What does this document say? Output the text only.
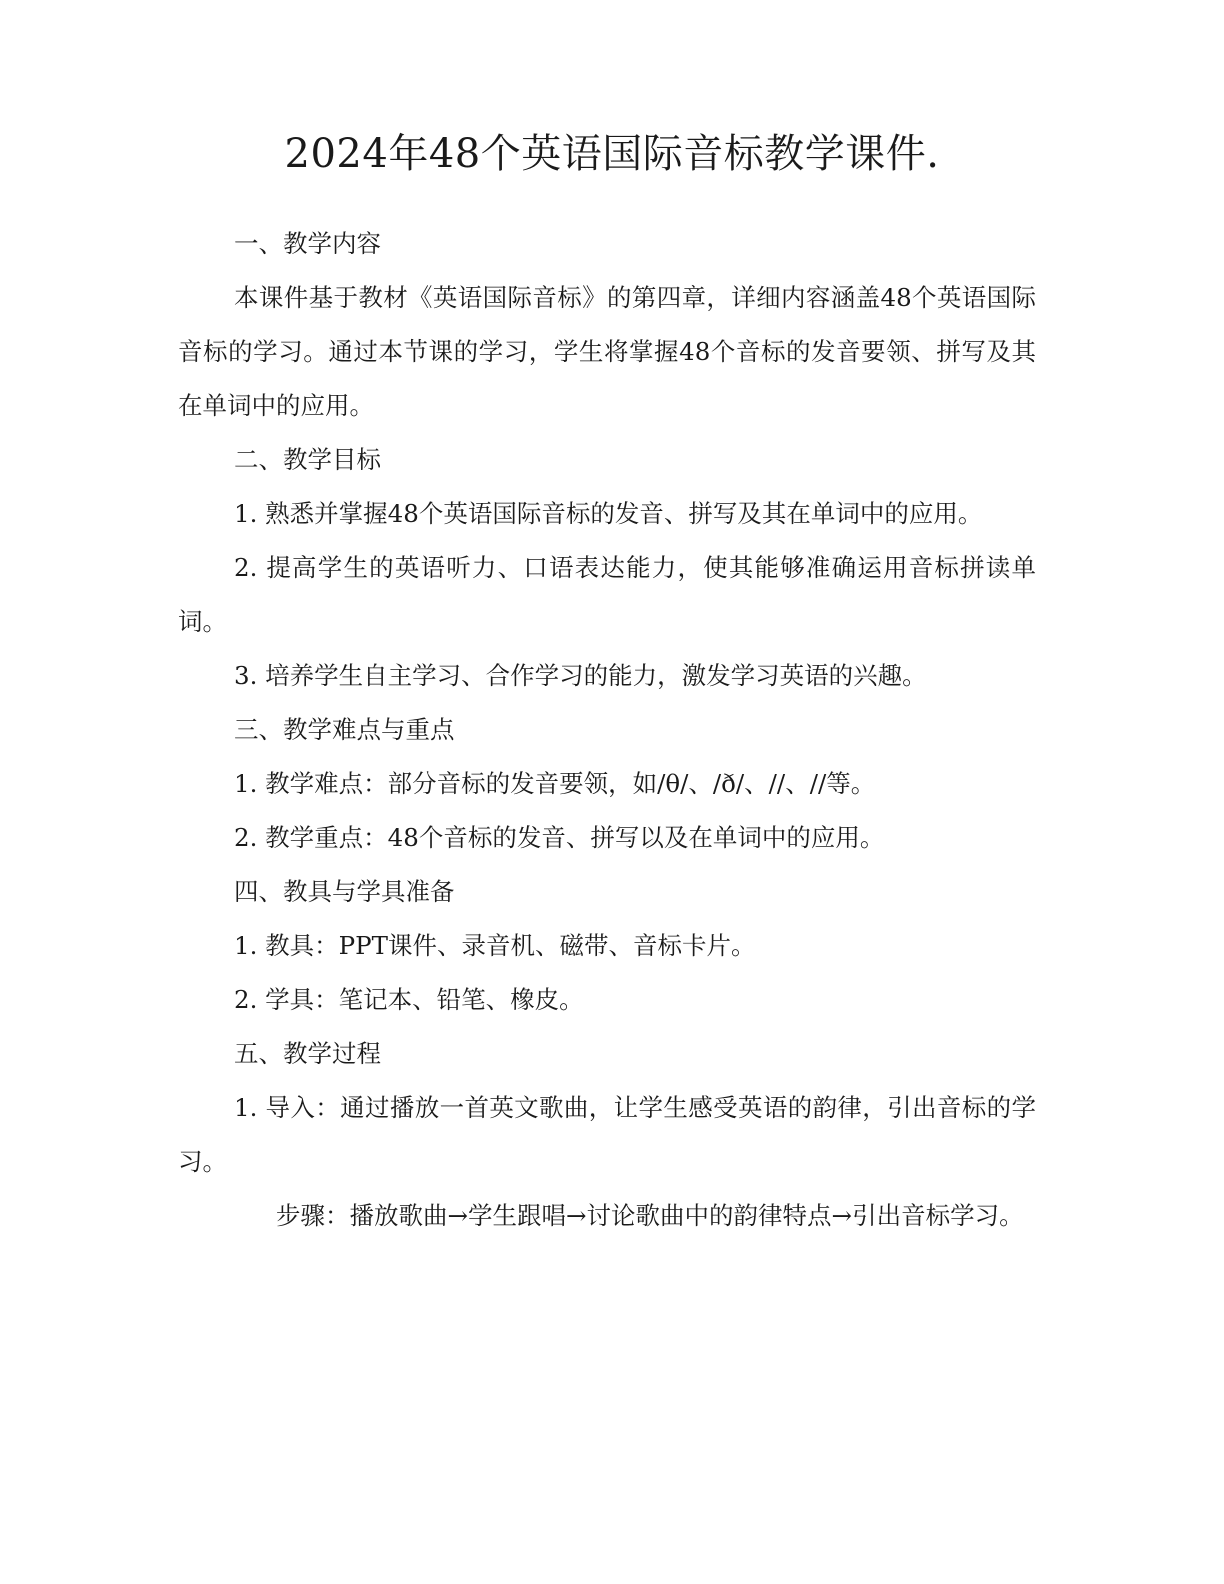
2024年48个英语国际音标教学课件.

一、教学内容

本课件基于教材《英语国际音标》的第四章，详细内容涵盖48个英语国际音标的学习。通过本节课的学习，学生将掌握48个音标的发音要领、拼写及其在单词中的应用。

二、教学目标

1. 熟悉并掌握48个英语国际音标的发音、拼写及其在单词中的应用。

2. 提高学生的英语听力、口语表达能力，使其能够准确运用音标拼读单词。

3. 培养学生自主学习、合作学习的能力，激发学习英语的兴趣。

三、教学难点与重点

1. 教学难点：部分音标的发音要领，如/θ/、/ð/、//、//等。

2. 教学重点：48个音标的发音、拼写以及在单词中的应用。

四、教具与学具准备

1. 教具：PPT课件、录音机、磁带、音标卡片。

2. 学具：笔记本、铅笔、橡皮。

五、教学过程

1. 导入：通过播放一首英文歌曲，让学生感受英语的韵律，引出音标的学习。

步骤：播放歌曲→学生跟唱→讨论歌曲中的韵律特点→引出音标学习。
